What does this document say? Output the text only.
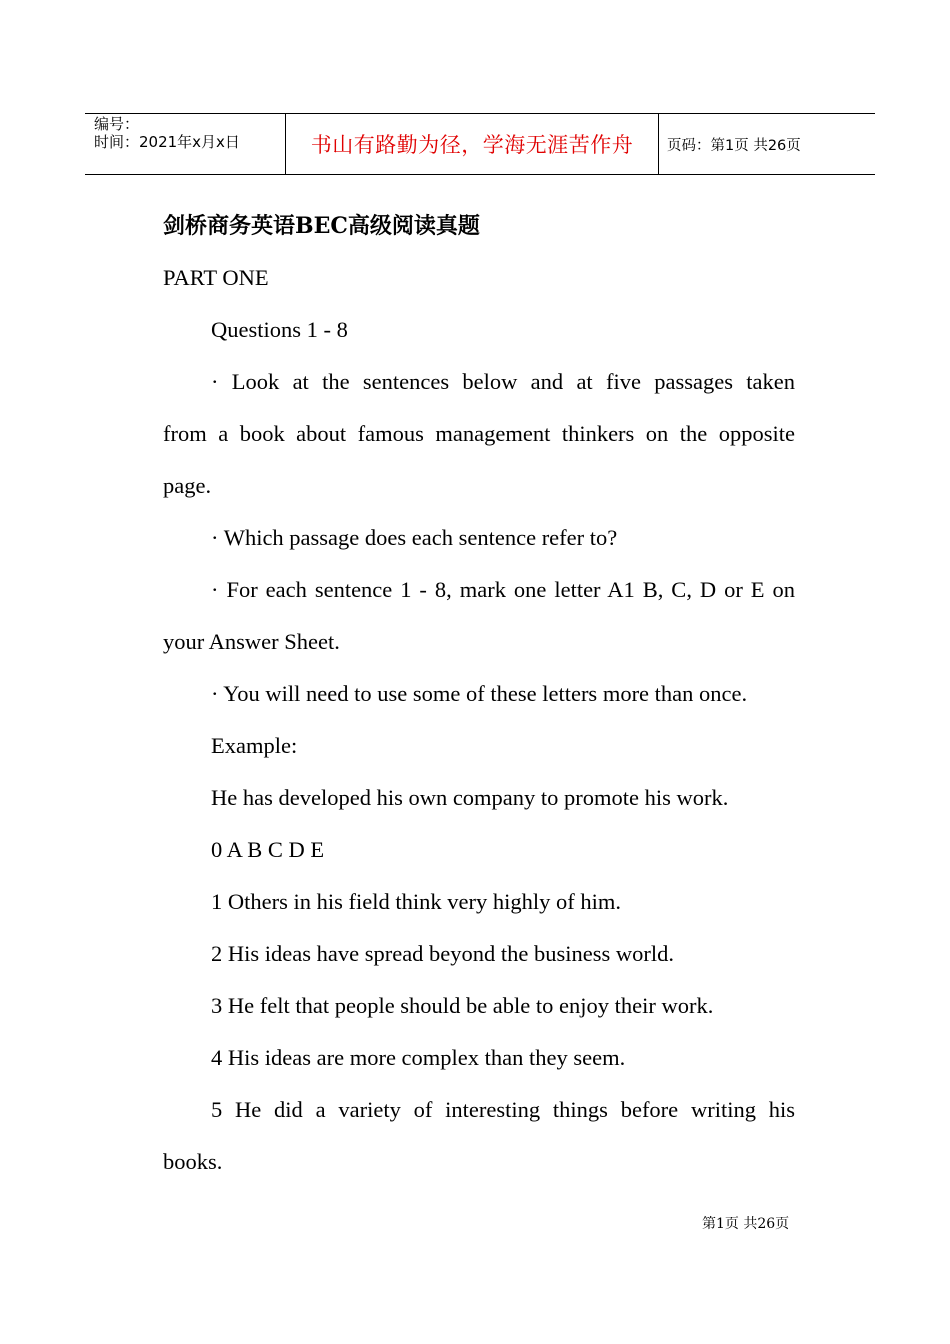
编号：
时间：2021年x月x日	书山有路勤为径，学海无涯苦作舟 页码：第1页 共26页
剑桥商务英语BEC高级阅读真题
PART ONE
Questions 1 - 8
· Look at the sentences below and at five passages taken
from a book about famous management thinkers on the opposite
page.
· Which passage does each sentence refer to?
· For each sentence 1 - 8, mark one letter A1 B, C, D or E on
your Answer Sheet.
· You will need to use some of these letters more than once.
Example:
He has developed his own company to promote his work.
0 A B C D E
1 Others in his field think very highly of him.
2 His ideas have spread beyond the business world.
3 He felt that people should be able to enjoy their work.
4 His ideas are more complex than they seem.
5 He did a variety of interesting things before writing his
books.
第1页 共26页
